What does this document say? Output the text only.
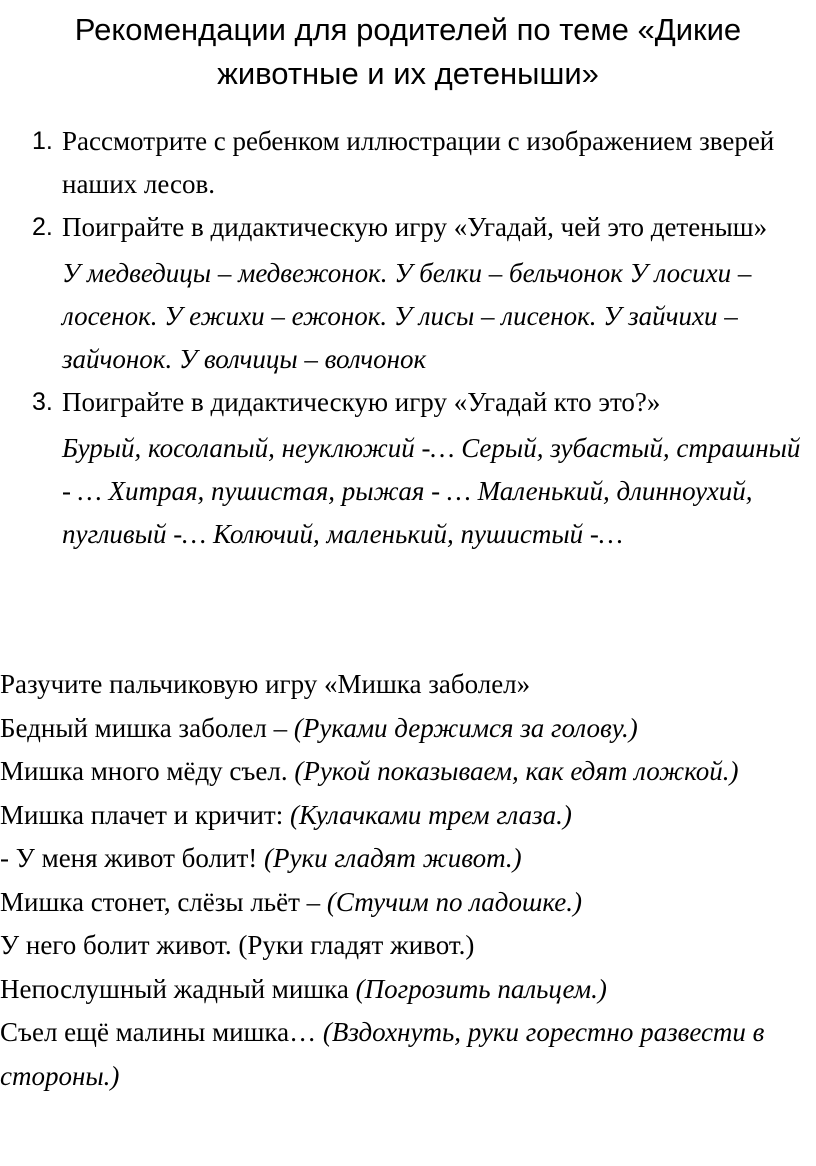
Рекомендации для родителей по теме «Дикие
животные и их детеныши»
1. Рассмотрите с ребенком иллюстрации с изображением зверей наших лесов.
2. Поиграйте в дидактическую игру «Угадай, чей это детеныш»
У медведицы – медвежонок. У белки – бельчонок У лосихи – лосенок. У ежихи – ежонок. У лисы – лисенок. У зайчихи – зайчонок. У волчицы – волчонок
3. Поиграйте в дидактическую игру «Угадай кто это?»
Бурый, косолапый, неуклюжий -… Серый, зубастый, страшный - … Хитрая, пушистая, рыжая - … Маленький, длинноухий, пугливый -… Колючий, маленький, пушистый -…
Разучите пальчиковую игру «Мишка заболел»
Бедный мишка заболел – (Руками держимся за голову.)
Мишка много мёду съел. (Рукой показываем, как едят ложкой.)
Мишка плачет и кричит: (Кулачками трем глаза.)
- У меня живот болит! (Руки гладят живот.)
Мишка стонет, слёзы льёт – (Стучим по ладошке.)
У него болит живот. (Руки гладят живот.)
Непослушный жадный мишка (Погрозить пальцем.)
Съел ещё малины мишка… (Вздохнуть, руки горестно развести в стороны.)
